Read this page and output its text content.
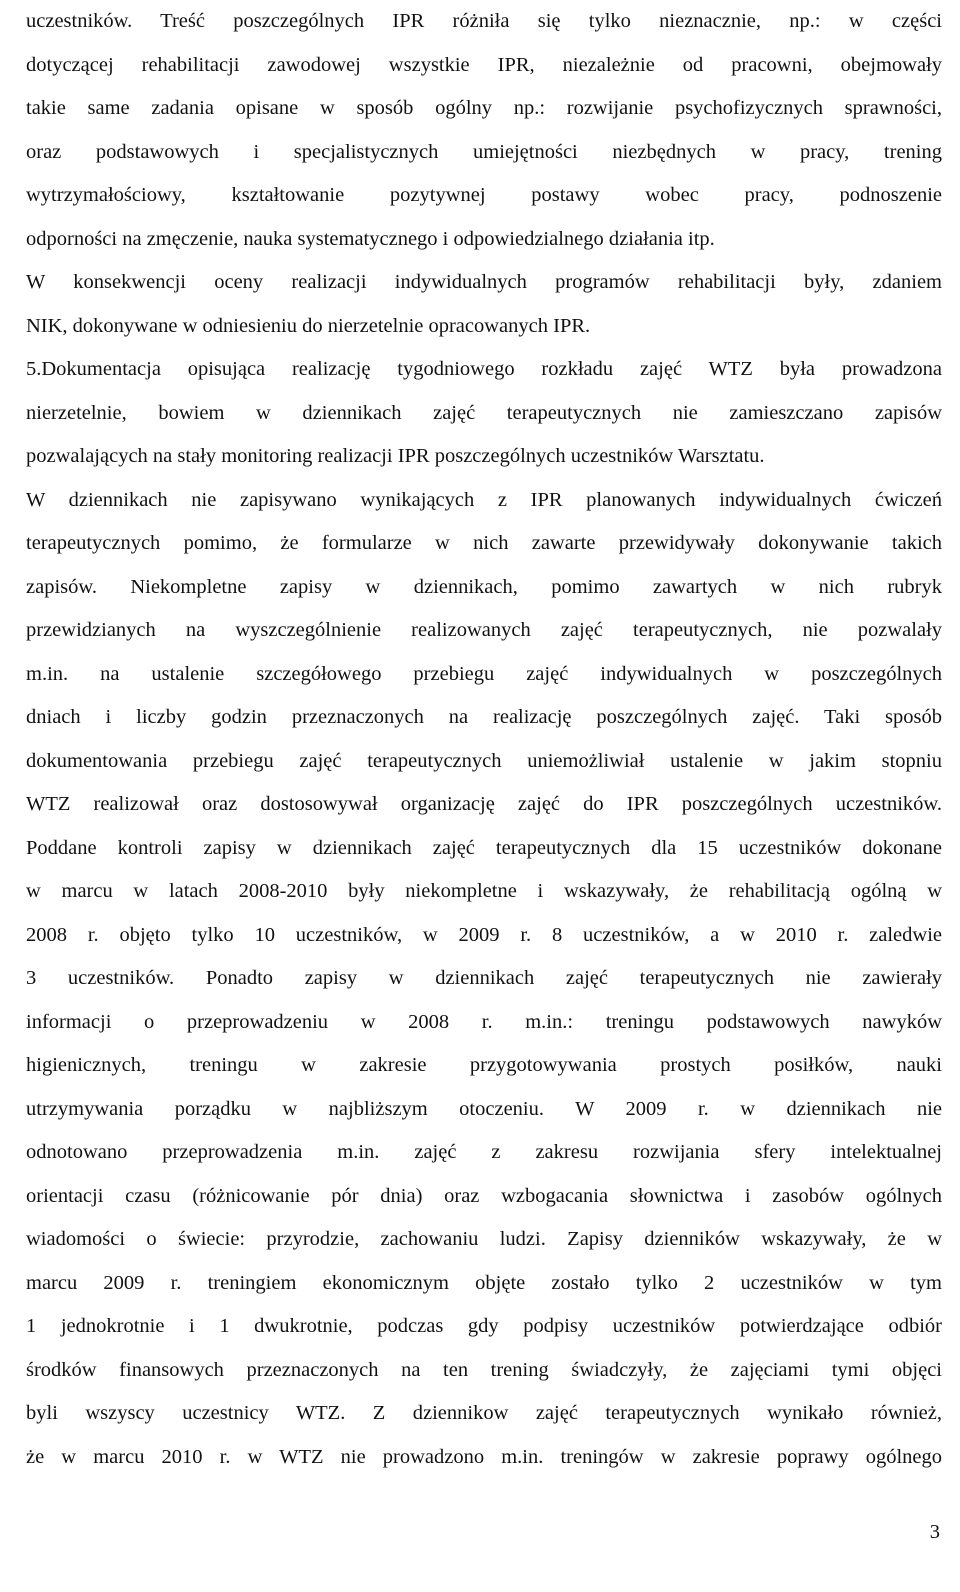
uczestników. Treść poszczególnych IPR różniła się tylko nieznacznie, np.: w części
dotyczącej rehabilitacji zawodowej wszystkie IPR, niezależnie od pracowni, obejmowały
takie same zadania opisane w sposób ogólny np.: rozwijanie psychofizycznych sprawności,
oraz podstawowych i specjalistycznych umiejętności niezbędnych w pracy, trening
wytrzymałościowy, kształtowanie pozytywnej postawy wobec pracy, podnoszenie
odporności na zmęczenie, nauka systematycznego i odpowiedzialnego działania itp.
W konsekwencji oceny realizacji indywidualnych programów rehabilitacji były, zdaniem
NIK, dokonywane w odniesieniu do nierzetelnie opracowanych IPR.
5.Dokumentacja opisująca realizację tygodniowego rozkładu zajęć WTZ była prowadzona
nierzetelnie, bowiem w dziennikach zajęć terapeutycznych nie zamieszczano zapisów
pozwalających na stały monitoring realizacji IPR poszczególnych uczestników Warsztatu.
W dziennikach nie zapisywano wynikających z IPR planowanych indywidualnych ćwiczeń
terapeutycznych pomimo, że formularze w nich zawarte przewidywały dokonywanie takich
zapisów. Niekompletne zapisy w dziennikach, pomimo zawartych w nich rubryk
przewidzianych na wyszczególnienie realizowanych zajęć terapeutycznych, nie pozwalały
m.in. na ustalenie szczegółowego przebiegu zajęć indywidualnych w poszczególnych
dniach i liczby godzin przeznaczonych na realizację poszczególnych zajęć. Taki sposób
dokumentowania przebiegu zajęć terapeutycznych uniemożliwiał ustalenie w jakim stopniu
WTZ realizował oraz dostosowywał organizację zajęć do IPR poszczególnych uczestników.
Poddane kontroli zapisy w dziennikach zajęć terapeutycznych dla 15 uczestników dokonane
w marcu w latach 2008-2010 były niekompletne i wskazywały, że rehabilitacją ogólną w
2008 r. objęto tylko 10 uczestników, w 2009 r. 8 uczestników, a w 2010 r. zaledwie
3 uczestników. Ponadto zapisy w dziennikach zajęć terapeutycznych nie zawierały
informacji o przeprowadzeniu w 2008 r. m.in.: treningu podstawowych nawyków
higienicznych, treningu w zakresie przygotowywania prostych posiłków, nauki
utrzymywania porządku w najbliższym otoczeniu. W 2009 r. w dziennikach nie
odnotowano przeprowadzenia m.in. zajęć z zakresu rozwijania sfery intelektualnej
orientacji czasu (różnicowanie pór dnia) oraz wzbogacania słownictwa i zasobów ogólnych
wiadomości o świecie: przyrodzie, zachowaniu ludzi. Zapisy dzienników wskazywały, że w
marcu 2009 r. treningiem ekonomicznym objęte zostało tylko 2 uczestników w tym
1 jednokrotnie i 1 dwukrotnie, podczas gdy podpisy uczestników potwierdzające odbiór
środków finansowych przeznaczonych na ten trening świadczyły, że zajęciami tymi objęci
byli wszyscy uczestnicy WTZ. Z dziennikow zajęć terapeutycznych wynikało również,
że w marcu 2010 r. w WTZ nie prowadzono m.in. treningów w zakresie poprawy ogólnego
3
